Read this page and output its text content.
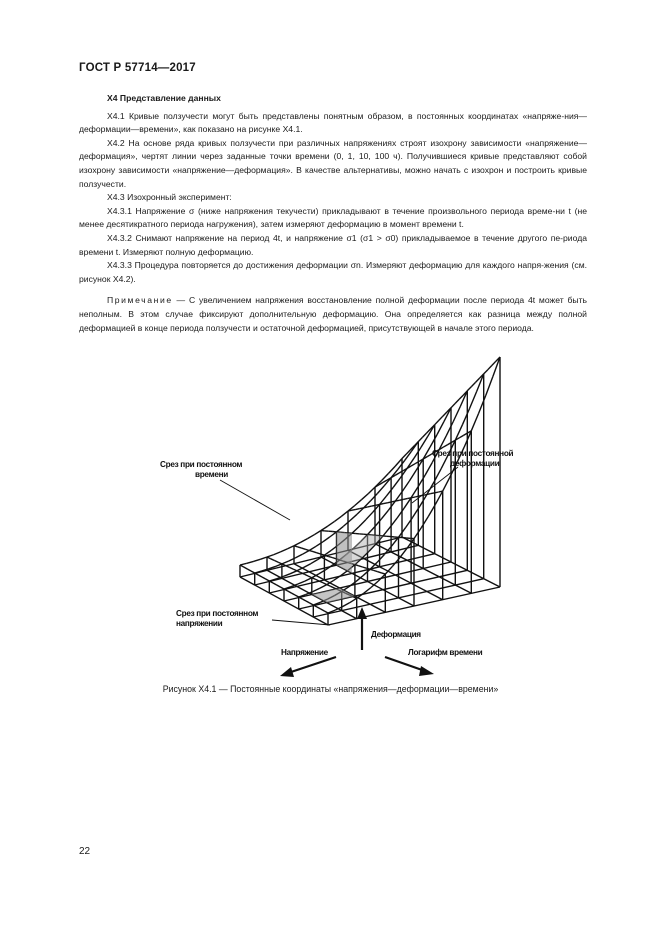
ГОСТ Р 57714—2017

Х4 Представление данных

Х4.1 Кривые ползучести могут быть представлены понятным образом, в постоянных координатах «напряже-ния—деформации—времени», как показано на рисунке Х4.1.

Х4.2 На основе ряда кривых ползучести при различных напряжениях строят изохрону зависимости «напряжение—деформация», чертят линии через заданные точки времени (0, 1, 10, 100 ч). Получившиеся кривые представляют собой изохрону зависимости «напряжение—деформация». В качестве альтернативы, можно начать с изохрон и построить кривые ползучести.

Х4.3 Изохронный эксперимент:

Х4.3.1 Напряжение σ (ниже напряжения текучести) прикладывают в течение произвольного периода време-ни t (не менее десятикратного периода нагружения), затем измеряют деформацию в момент времени t.

Х4.3.2 Снимают напряжение на период 4t, и напряжение σ1 (σ1 > σ0) прикладываемое в течение другого пе-риода времени t. Измеряют полную деформацию.

Х4.3.3 Процедура повторяется до достижения деформации σn. Измеряют деформацию для каждого напря-жения (см. рисунок Х4.2).

Примечание — С увеличением напряжения восстановление полной деформации после периода 4t может быть неполным. В этом случае фиксируют дополнительную деформацию. Она определяется как разница между полной деформацией в конце периода ползучести и остаточной деформацией, присутствующей в начале этого периода.

Срез при постоянном
времени
Срез при постоянной
деформации
Срез при постоянном
напряжении
Деформация
Напряжение	Логарифм времени
Рисунок Х4.1 — Постоянные координаты «напряжения—деформации—времени»
22
